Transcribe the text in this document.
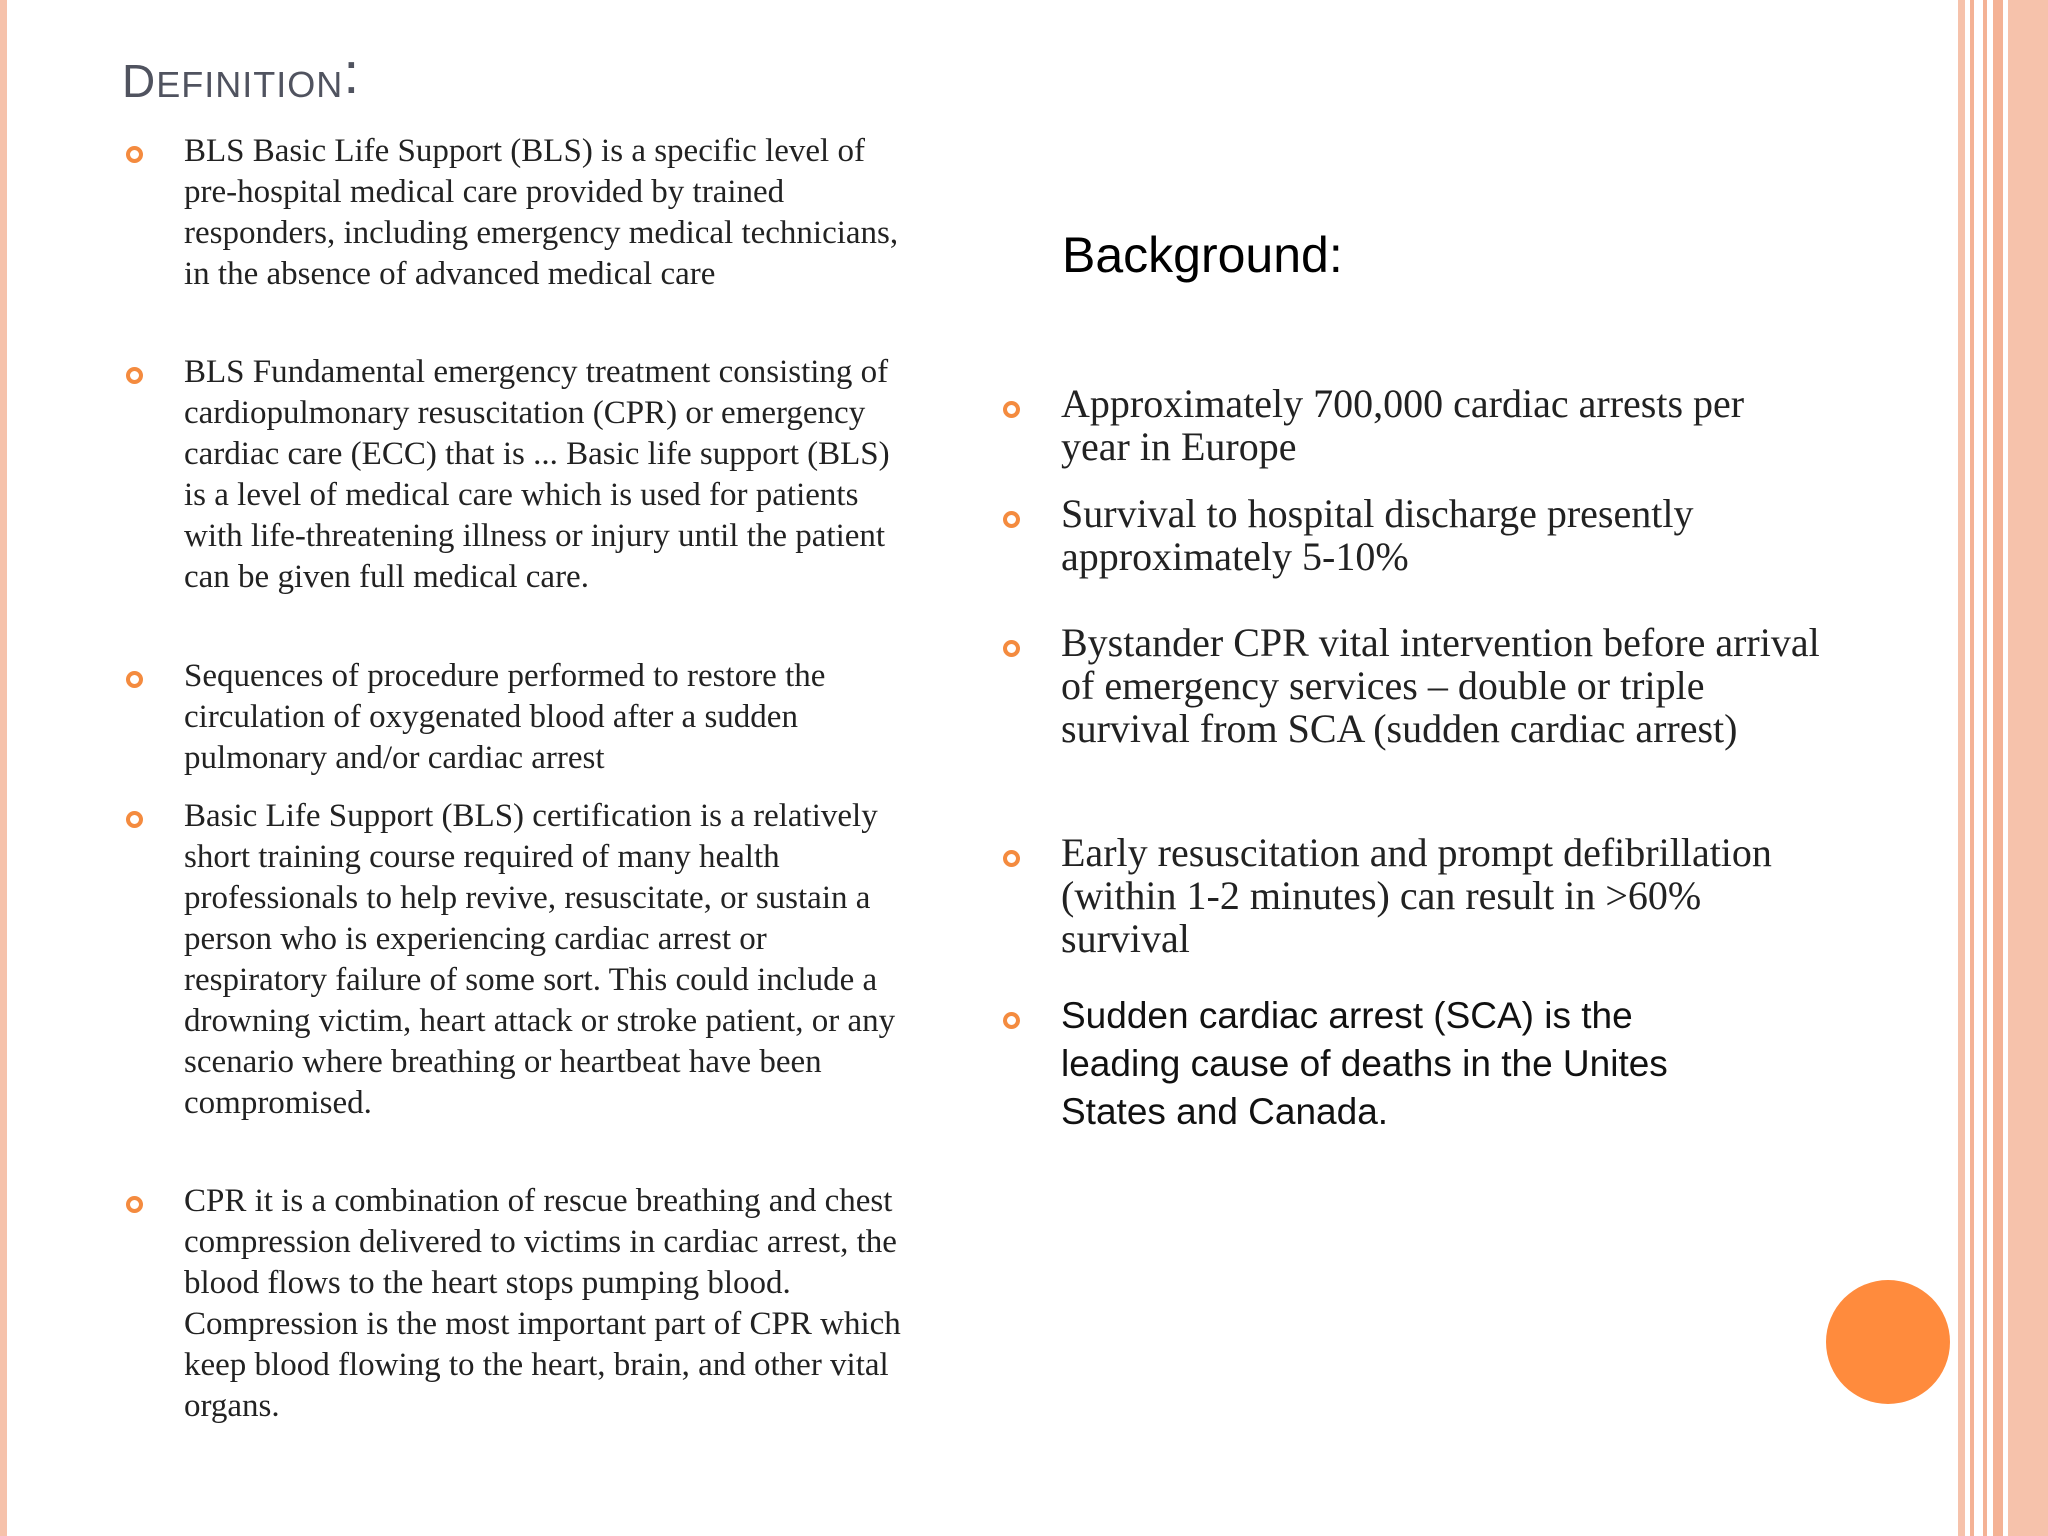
DEFINITION:
BLS Basic Life Support (BLS) is a specific level of pre-hospital medical care provided by trained responders, including emergency medical technicians, in the absence of advanced medical care
BLS Fundamental emergency treatment consisting of cardiopulmonary resuscitation (CPR) or emergency cardiac care (ECC) that is ... Basic life support (BLS) is a level of medical care which is used for patients with life-threatening illness or injury until the patient can be given full medical care.
Sequences of procedure performed to restore the circulation of oxygenated blood after a sudden pulmonary and/or cardiac arrest
Basic Life Support (BLS) certification is a relatively short training course required of many health professionals to help revive, resuscitate, or sustain a person who is experiencing cardiac arrest or respiratory failure of some sort. This could include a drowning victim, heart attack or stroke patient, or any scenario where breathing or heartbeat have been compromised.
CPR it is a combination of rescue breathing and chest compression delivered to victims in cardiac arrest, the blood flows to the heart stops pumping blood. Compression is the most important part of CPR which keep blood flowing to the heart, brain, and other vital organs.
Background:
Approximately 700,000 cardiac arrests per year in Europe
Survival to hospital discharge presently approximately 5-10%
Bystander CPR vital intervention before arrival of emergency services – double or triple survival from SCA (sudden cardiac arrest)
Early resuscitation and prompt defibrillation (within 1-2 minutes) can result in >60% survival
Sudden cardiac arrest (SCA) is the leading cause of deaths in the Unites States and Canada.
